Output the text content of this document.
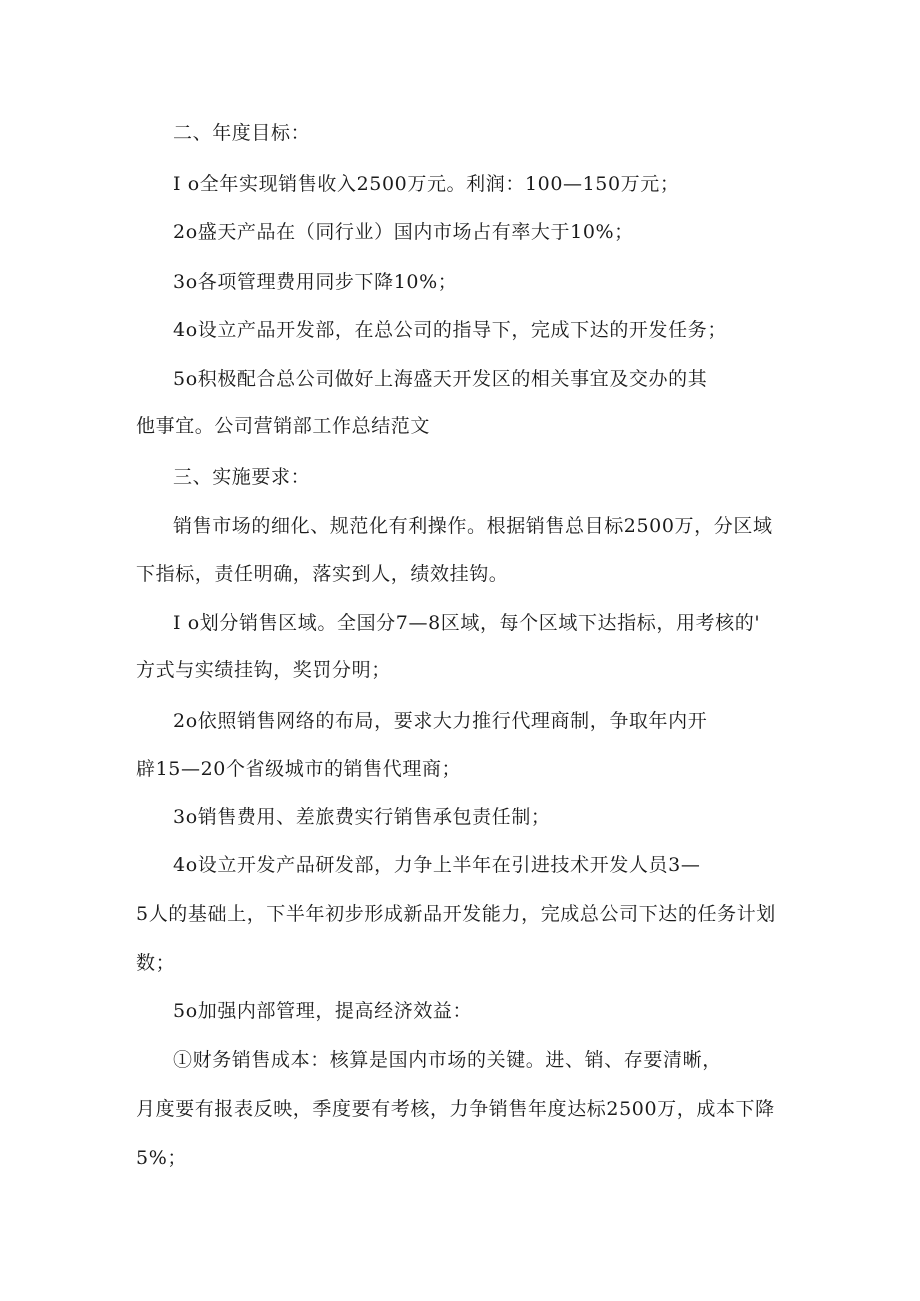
二、年度目标：
I o全年实现销售收入2500万元。利润：100—150万元；
2o盛天产品在（同行业）国内市场占有率大于10%；
3o各项管理费用同步下降10%；
4o设立产品开发部，在总公司的指导下，完成下达的开发任务；
5o积极配合总公司做好上海盛天开发区的相关事宜及交办的其
他事宜。公司营销部工作总结范文
三、实施要求：
销售市场的细化、规范化有利操作。根据销售总目标2500万，分区域
下指标，责任明确，落实到人，绩效挂钩。
I o划分销售区域。全国分7—8区域，每个区域下达指标，用考核的'
方式与实绩挂钩，奖罚分明；
2o依照销售网络的布局，要求大力推行代理商制，争取年内开
辟15—20个省级城市的销售代理商；
3o销售费用、差旅费实行销售承包责任制；
4o设立开发产品研发部，力争上半年在引进技术开发人员3—
5人的基础上，下半年初步形成新品开发能力，完成总公司下达的任务计划
数；
5o加强内部管理，提高经济效益：
①财务销售成本：核算是国内市场的关键。进、销、存要清晰，
月度要有报表反映，季度要有考核，力争销售年度达标2500万，成本下降
5%；
